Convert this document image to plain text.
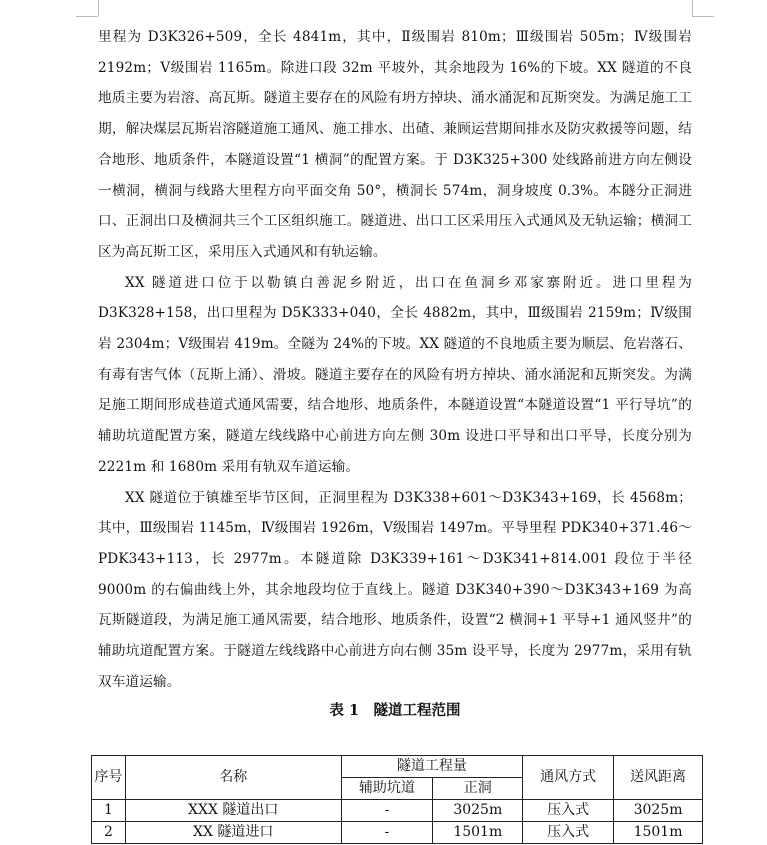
里程为 D3K326+509，全长 4841m，其中，Ⅱ级围岩 810m；Ⅲ级围岩 505m；Ⅳ级围岩 2192m；Ⅴ级围岩 1165m。除进口段 32m 平坡外，其余地段为 16%的下坡。XX 隧道的不良地质主要为岩溶、高瓦斯。隧道主要存在的风险有坍方掉块、涌水涌泥和瓦斯突发。为满足施工工期，解决煤层瓦斯岩溶隧道施工通风、施工排水、出碴、兼顾运营期间排水及防灾救援等问题，结合地形、地质条件，本隧道设置“1 横洞”的配置方案。于 D3K325+300 处线路前进方向左侧设一横洞，横洞与线路大里程方向平面交角 50°，横洞长 574m，洞身坡度 0.3%。本隧分正洞进口、正洞出口及横洞共三个工区组织施工。隧道进、出口工区采用压入式通风及无轨运输；横洞工区为高瓦斯工区，采用压入式通风和有轨运输。

XX 隧道进口位于以勒镇白善泥乡附近，出口在鱼洞乡邓家寨附近。进口里程为 D3K328+158，出口里程为 D5K333+040，全长 4882m，其中，Ⅲ级围岩 2159m；Ⅳ级围岩 2304m；Ⅴ级围岩 419m。全隧为 24%的下坡。XX 隧道的不良地质主要为顺层、危岩落石、有毒有害气体（瓦斯上涌）、滑坡。隧道主要存在的风险有坍方掉块、涌水涌泥和瓦斯突发。为满足施工期间形成巷道式通风需要，结合地形、地质条件，本隧道设置“本隧道设置“1 平行导坑”的辅助坑道配置方案，隧道左线线路中心前进方向左侧 30m 设进口平导和出口平导，长度分别为 2221m 和 1680m 采用有轨双车道运输。

XX 隧道位于镇雄至毕节区间，正洞里程为 D3K338+601～D3K343+169，长 4568m；其中，Ⅲ级围岩 1145m，Ⅳ级围岩 1926m，Ⅴ级围岩 1497m。平导里程 PDK340+371.46～PDK343+113，长 2977m。本隧道除 D3K339+161～D3K341+814.001 段位于半径 9000m 的右偏曲线上外，其余地段均位于直线上。隧道 D3K340+390～D3K343+169 为高瓦斯隧道段，为满足施工通风需要，结合地形、地质条件，设置“2 横洞+1 平导+1 通风竖井”的辅助坑道配置方案。于隧道左线线路中心前进方向右侧 35m 设平导，长度为 2977m，采用有轨双车道运输。

表 1　隧道工程范围
序号	名称	隧道工程量		通风方式	送风距离
		辅助坑道	正洞		
1	XXX 隧道出口	-	3025m	压入式	3025m
2	XX 隧道进口	-	1501m	压入式	1501m
